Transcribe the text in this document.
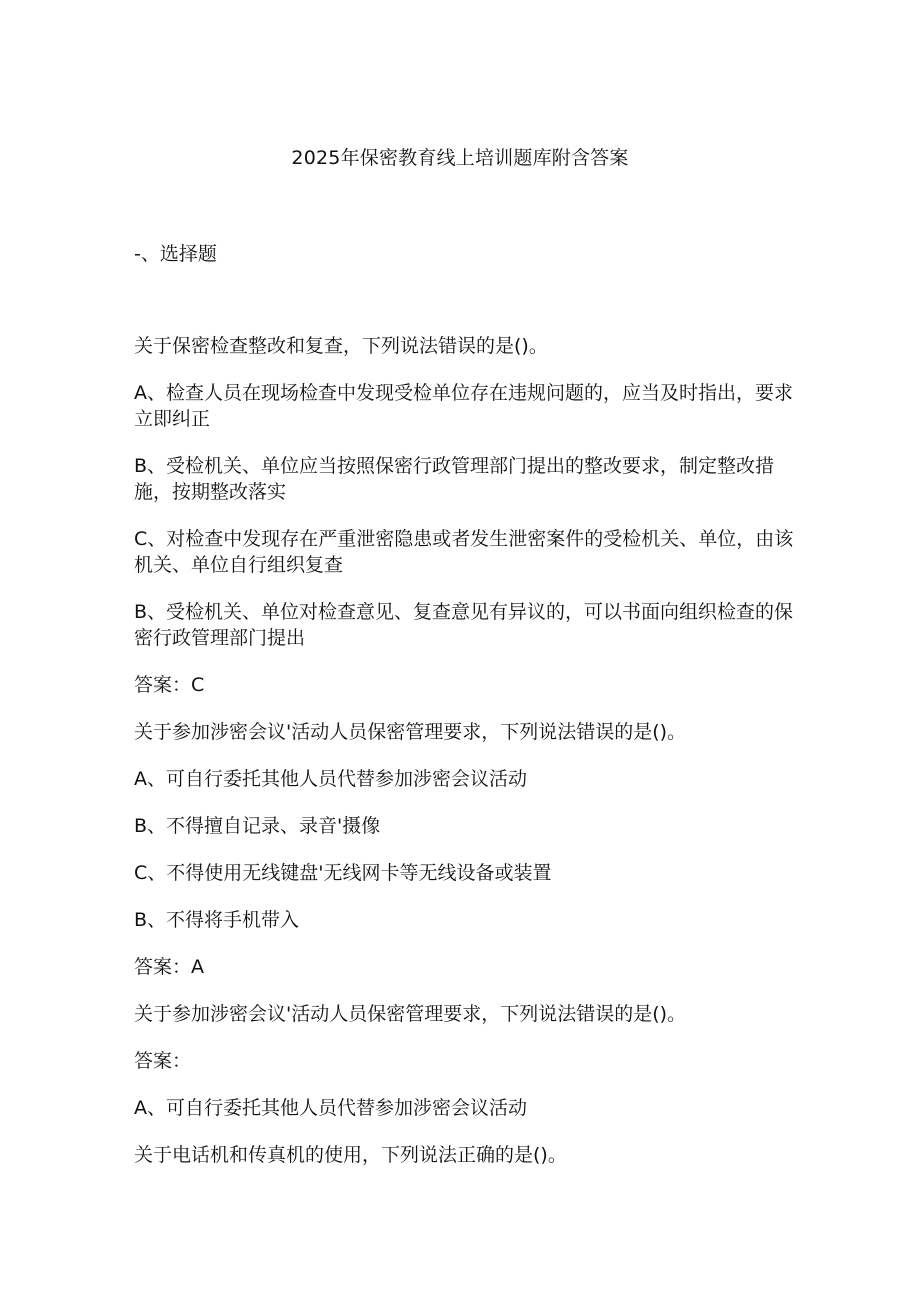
2025年保密教育线上培训题库附含答案
-、选择题

关于保密检查整改和复查，下列说法错误的是()。

A、检查人员在现场检查中发现受检单位存在违规问题的，应当及时指出，要求立即纠正

B、受检机关、单位应当按照保密行政管理部门提出的整改要求，制定整改措施，按期整改落实

C、对检查中发现存在严重泄密隐患或者发生泄密案件的受检机关、单位，由该机关、单位自行组织复查

B、受检机关、单位对检查意见、复查意见有异议的，可以书面向组织检查的保密行政管理部门提出

答案：C

关于参加涉密会议'活动人员保密管理要求，下列说法错误的是()。

A、可自行委托其他人员代替参加涉密会议活动

B、不得擅自记录、录音'摄像

C、不得使用无线键盘'无线网卡等无线设备或装置

B、不得将手机带入

答案：A

关于参加涉密会议'活动人员保密管理要求，下列说法错误的是()。

答案：

A、可自行委托其他人员代替参加涉密会议活动

关于电话机和传真机的使用，下列说法正确的是()。
